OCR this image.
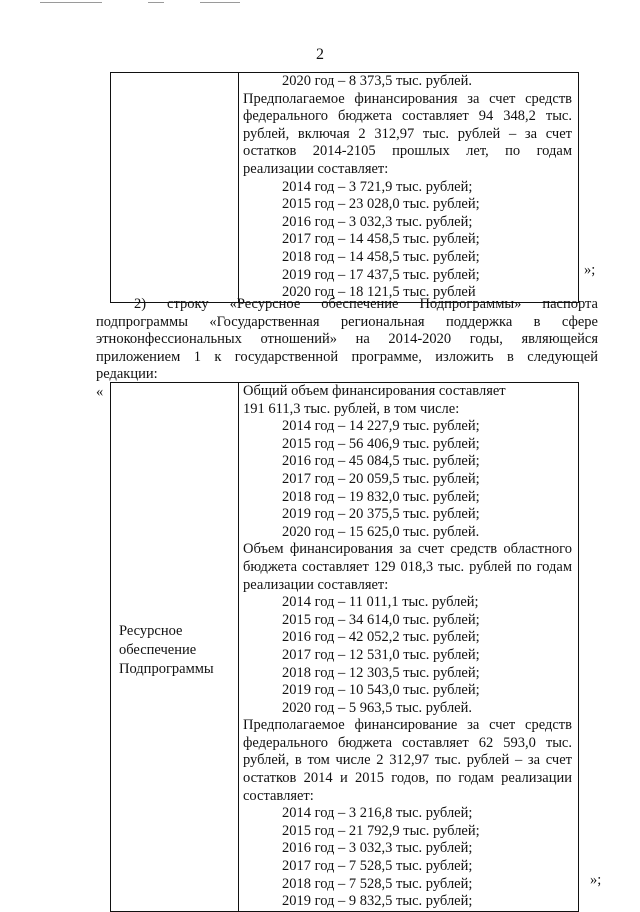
2

2020 год – 8 373,5 тыс. рублей.
Предполагаемое финансирования за счет средств
федерального бюджета составляет 94 348,2 тыс.
рублей, включая 2 312,97 тыс. рублей – за счет
остатков 2014-2105 прошлых лет, по годам
реализации составляет:
2014 год – 3 721,9 тыс. рублей;
2015 год – 23 028,0 тыс. рублей;
2016 год – 3 032,3 тыс. рублей;
2017 год – 14 458,5 тыс. рублей;
2018 год – 14 458,5 тыс. рублей;
2019 год – 17 437,5 тыс. рублей;
2020 год – 18 121,5 тыс. рублей
»;
2) строку «Ресурсное обеспечение Подпрограммы» паспорта
подпрограммы «Государственная региональная поддержка в сфере
этноконфессиональных отношений» на 2014-2020 годы, являющейся
приложением 1 к государственной программе, изложить в следующей
редакции:
«
Ресурсное
обеспечение
Подпрограммы

Общий объем финансирования составляет
191 611,3 тыс. рублей, в том числе:
2014 год – 14 227,9 тыс. рублей;
2015 год – 56 406,9 тыс. рублей;
2016 год – 45 084,5 тыс. рублей;
2017 год – 20 059,5 тыс. рублей;
2018 год – 19 832,0 тыс. рублей;
2019 год – 20 375,5 тыс. рублей;
2020 год – 15 625,0 тыс. рублей.
Объем финансирования за счет средств областного
бюджета составляет 129 018,3 тыс. рублей по годам
реализации составляет:
2014 год – 11 011,1 тыс. рублей;
2015 год – 34 614,0 тыс. рублей;
2016 год – 42 052,2 тыс. рублей;
2017 год – 12 531,0 тыс. рублей;
2018 год – 12 303,5 тыс. рублей;
2019 год – 10 543,0 тыс. рублей;
2020 год – 5 963,5 тыс. рублей.
Предполагаемое финансирование за счет средств
федерального бюджета составляет 62 593,0 тыс.
рублей, в том числе 2 312,97 тыс. рублей – за счет
остатков 2014 и 2015 годов, по годам реализации
составляет:
2014 год – 3 216,8 тыс. рублей;
2015 год – 21 792,9 тыс. рублей;
2016 год – 3 032,3 тыс. рублей;
2017 год – 7 528,5 тыс. рублей;
2018 год – 7 528,5 тыс. рублей;
2019 год – 9 832,5 тыс. рублей;
»;
